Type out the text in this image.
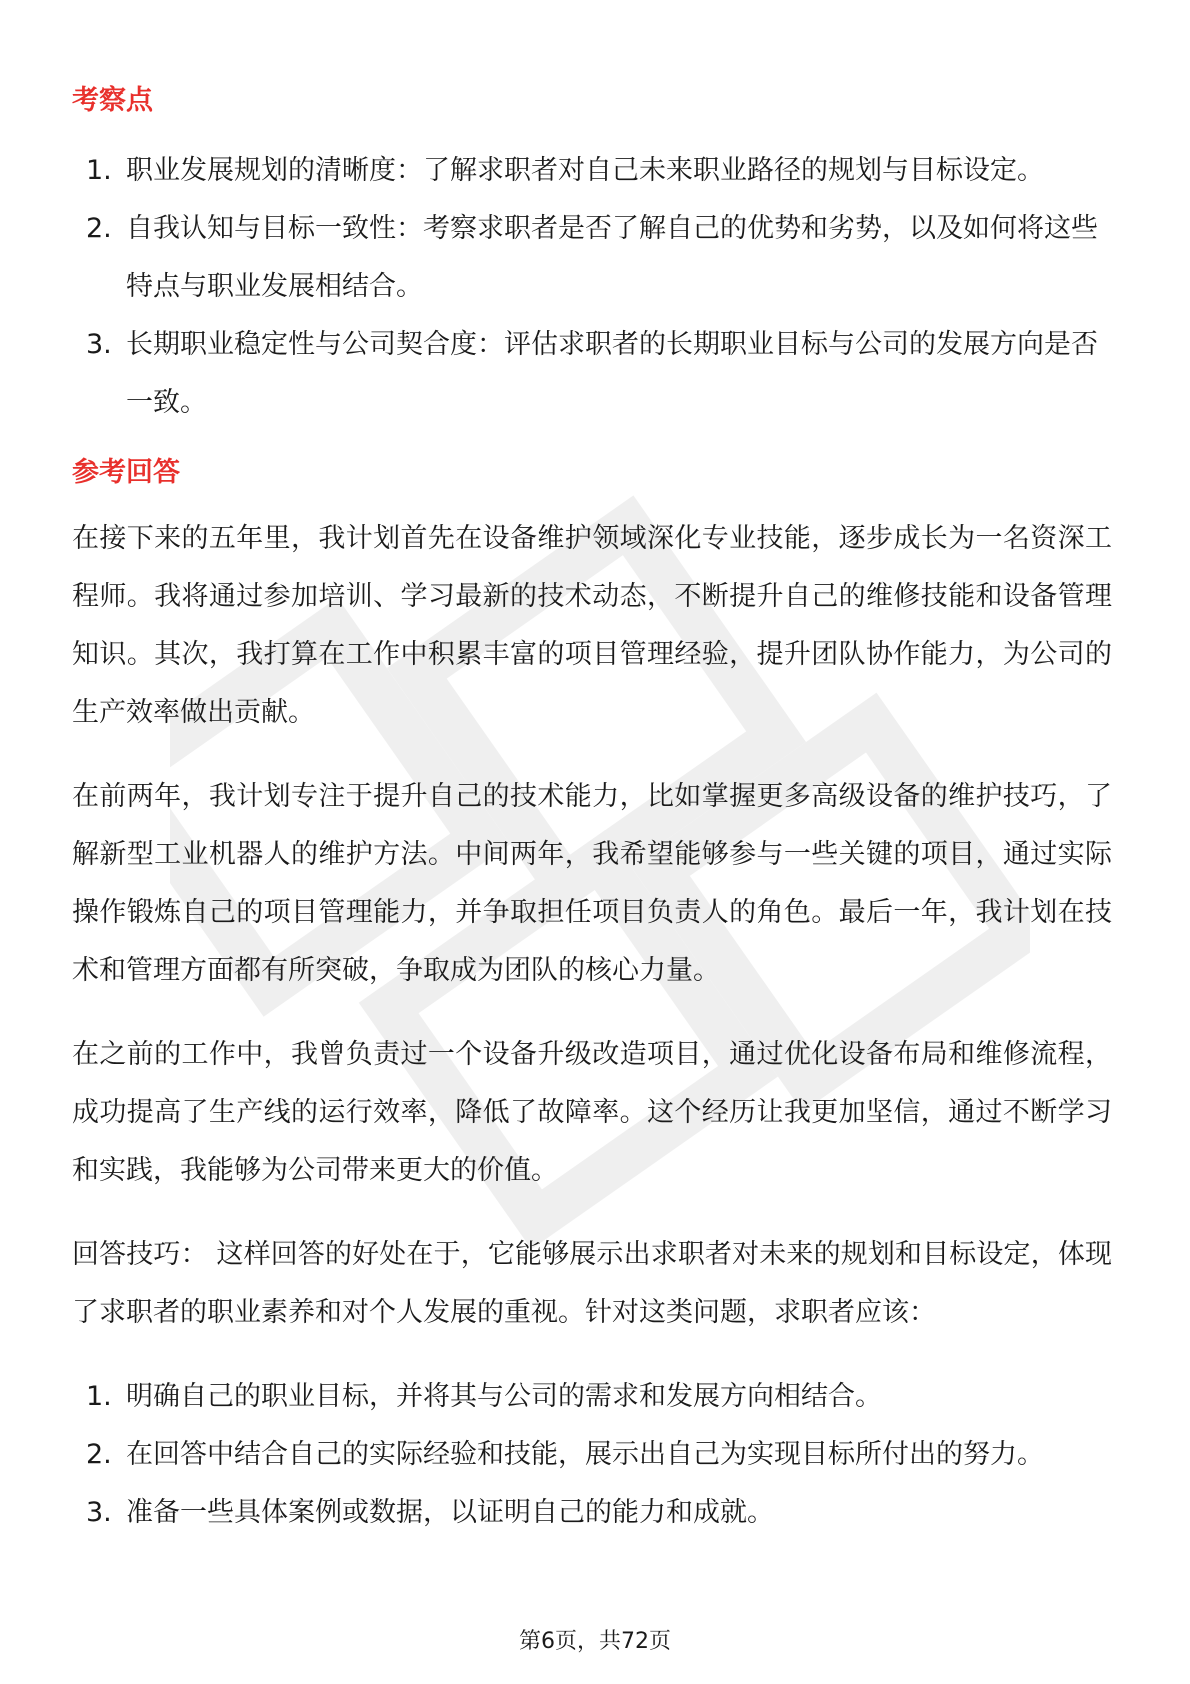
考察点
1. 职业发展规划的清晰度：了解求职者对自己未来职业路径的规划与目标设定。
2. 自我认知与目标一致性：考察求职者是否了解自己的优势和劣势，以及如何将这些特点与职业发展相结合。
3. 长期职业稳定性与公司契合度：评估求职者的长期职业目标与公司的发展方向是否一致。
参考回答

在接下来的五年里，我计划首先在设备维护领域深化专业技能，逐步成长为一名资深工程师。我将通过参加培训、学习最新的技术动态，不断提升自己的维修技能和设备管理知识。其次，我打算在工作中积累丰富的项目管理经验，提升团队协作能力，为公司的生产效率做出贡献。

在前两年，我计划专注于提升自己的技术能力，比如掌握更多高级设备的维护技巧，了解新型工业机器人的维护方法。中间两年，我希望能够参与一些关键的项目，通过实际操作锻炼自己的项目管理能力，并争取担任项目负责人的角色。最后一年，我计划在技术和管理方面都有所突破，争取成为团队的核心力量。

在之前的工作中，我曾负责过一个设备升级改造项目，通过优化设备布局和维修流程，成功提高了生产线的运行效率，降低了故障率。这个经历让我更加坚信，通过不断学习和实践，我能够为公司带来更大的价值。

回答技巧： 这样回答的好处在于，它能够展示出求职者对未来的规划和目标设定，体现了求职者的职业素养和对个人发展的重视。针对这类问题，求职者应该：

1. 明确自己的职业目标，并将其与公司的需求和发展方向相结合。
2. 在回答中结合自己的实际经验和技能，展示出自己为实现目标所付出的努力。
3. 准备一些具体案例或数据，以证明自己的能力和成就。
第6页，共72页
